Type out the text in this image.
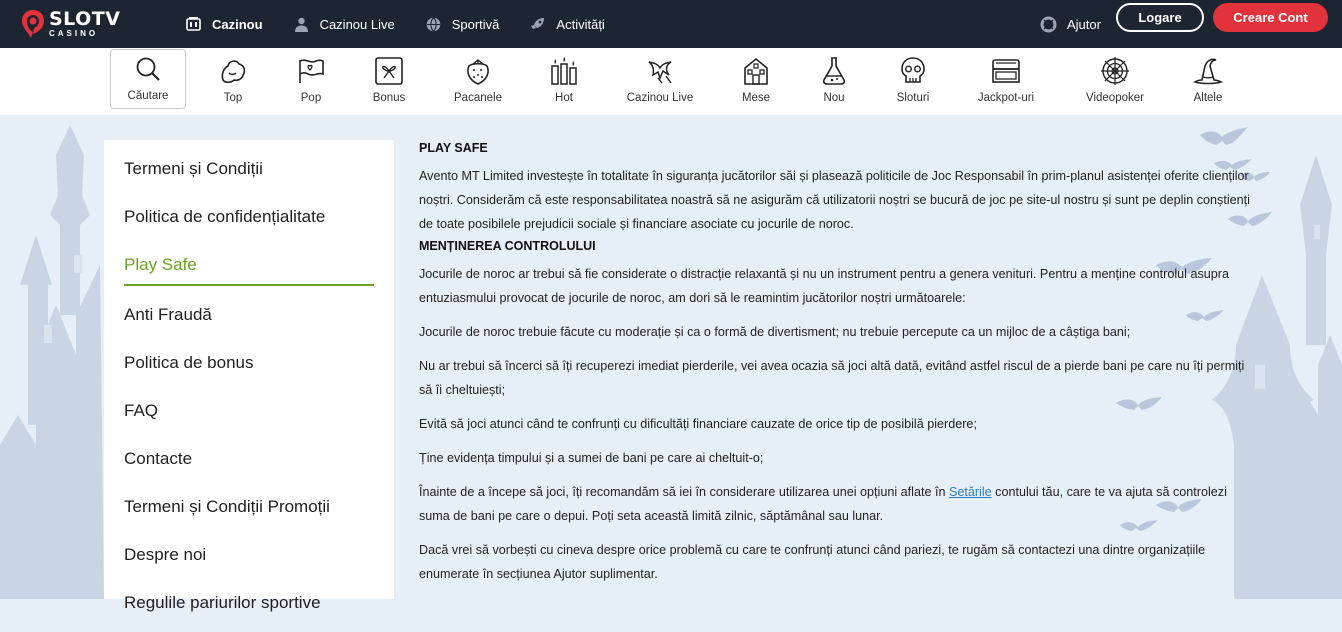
SLOTV
CASINO
Cazinou	Cazinou Live	Sportivă	Activități	Ajutor	Logare	Creare Cont
Căutare	Top	Pop	Bonus	Pacanele	Hot	Cazinou Live	Mese	Nou	Sloturi	Jackpot-uri	Videopoker	Altele
Termeni și Condiții
Politica de confidențialitate
Play Safe
Anti Fraudă
Politica de bonus
FAQ
Contacte
Termeni și Condiții Promoții
Despre noi
Regulile pariurilor sportive
PLAY SAFE

Avento MT Limited investește în totalitate în siguranța jucătorilor săi și plasează politicile de Joc Responsabil în prim-planul asistenței oferite clienților noștri. Considerăm că este responsabilitatea noastră să ne asigurăm că utilizatorii noștri se bucură de joc pe site-ul nostru și sunt pe deplin conștienți de toate posibilele prejudicii sociale și financiare asociate cu jocurile de noroc.

MENȚINEREA CONTROLULUI

Jocurile de noroc ar trebui să fie considerate o distracție relaxantă și nu un instrument pentru a genera venituri. Pentru a menține controlul asupra entuziasmului provocat de jocurile de noroc, am dori să le reamintim jucătorilor noștri următoarele:

Jocurile de noroc trebuie făcute cu moderație și ca o formă de divertisment; nu trebuie percepute ca un mijloc de a câștiga bani;

Nu ar trebui să încerci să îți recuperezi imediat pierderile, vei avea ocazia să joci altă dată, evitând astfel riscul de a pierde bani pe care nu îți permiți să îi cheltuiești;

Evită să joci atunci când te confrunți cu dificultăți financiare cauzate de orice tip de posibilă pierdere;

Ține evidența timpului și a sumei de bani pe care ai cheltuit-o;

Înainte de a începe să joci, îți recomandăm să iei în considerare utilizarea unei opțiuni aflate în Setările contului tău, care te va ajuta să controlezi suma de bani pe care o depui. Poți seta această limită zilnic, săptămânal sau lunar.

Dacă vrei să vorbești cu cineva despre orice problemă cu care te confrunți atunci când pariezi, te rugăm să contactezi una dintre organizațiile enumerate în secțiunea Ajutor suplimentar.
